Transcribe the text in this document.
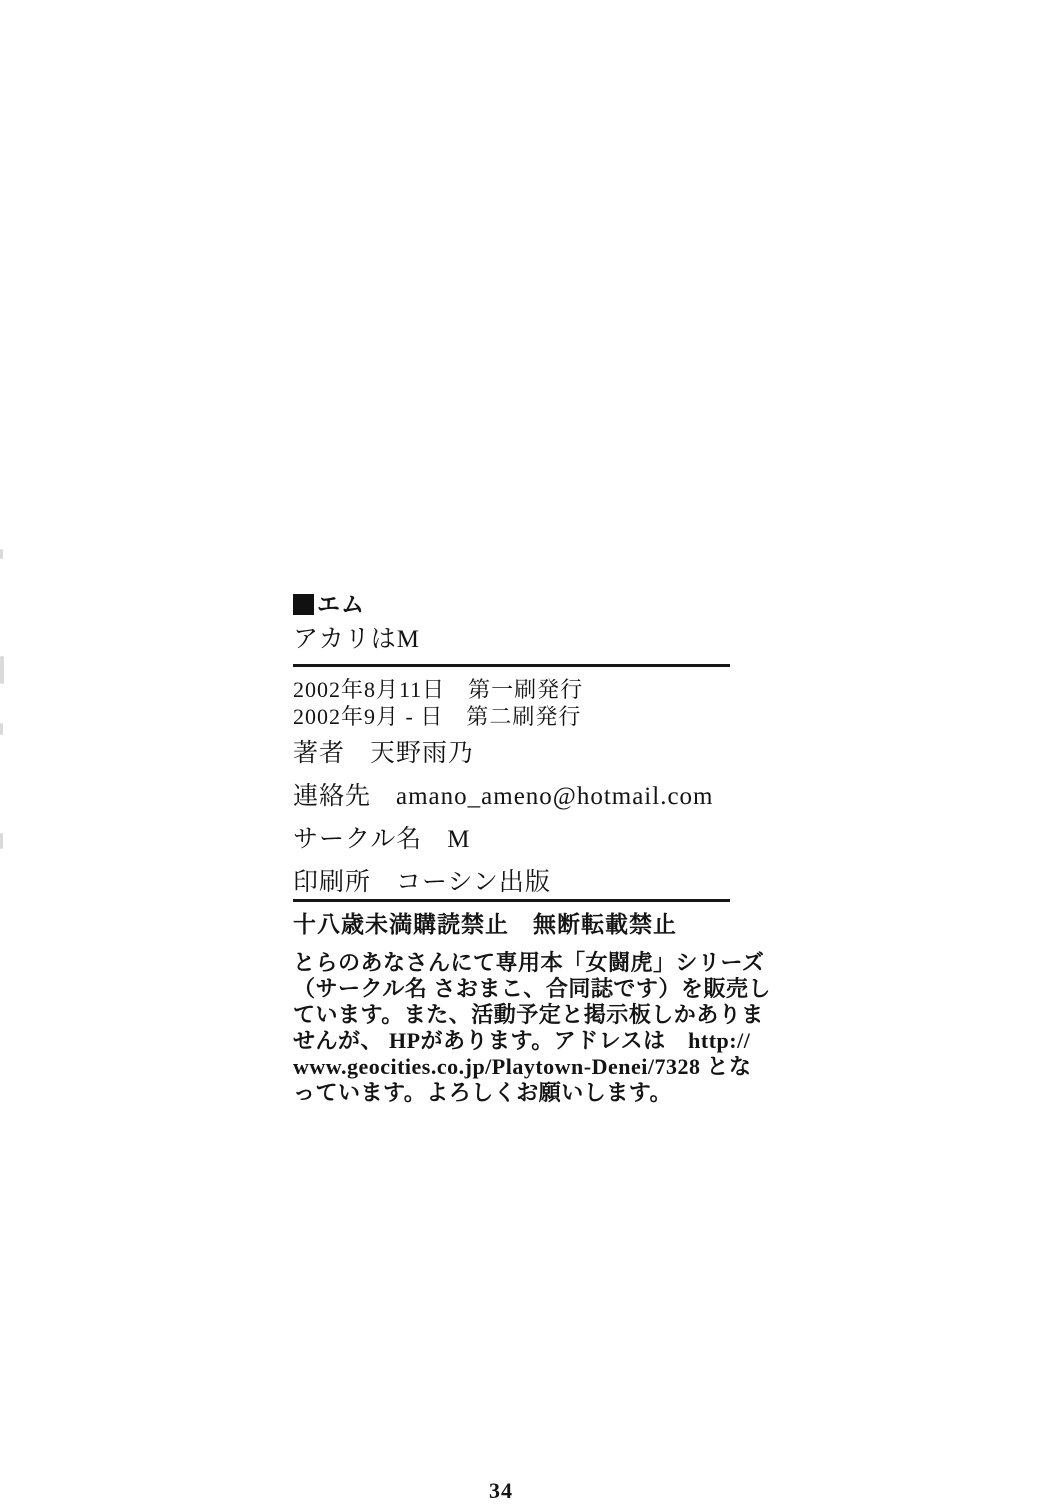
エム
アカリはM
2002年8月11日　第一刷発行
2002年9月 - 日　第二刷発行
著者 天野雨乃
連絡先 amano_ameno@hotmail.com
サークル名 M
印刷所 コーシン出版
十八歳未満購読禁止　無断転載禁止
とらのあなさんにて専用本「女闘虎」シリーズ
（サークル名 さおまこ、合同誌です）を販売し
ています。また、活動予定と掲示板しかありま
せんが、 HPがあります。アドレスは　http://
www.geocities.co.jp/Playtown-Denei/7328 とな
っています。よろしくお願いします。
34
